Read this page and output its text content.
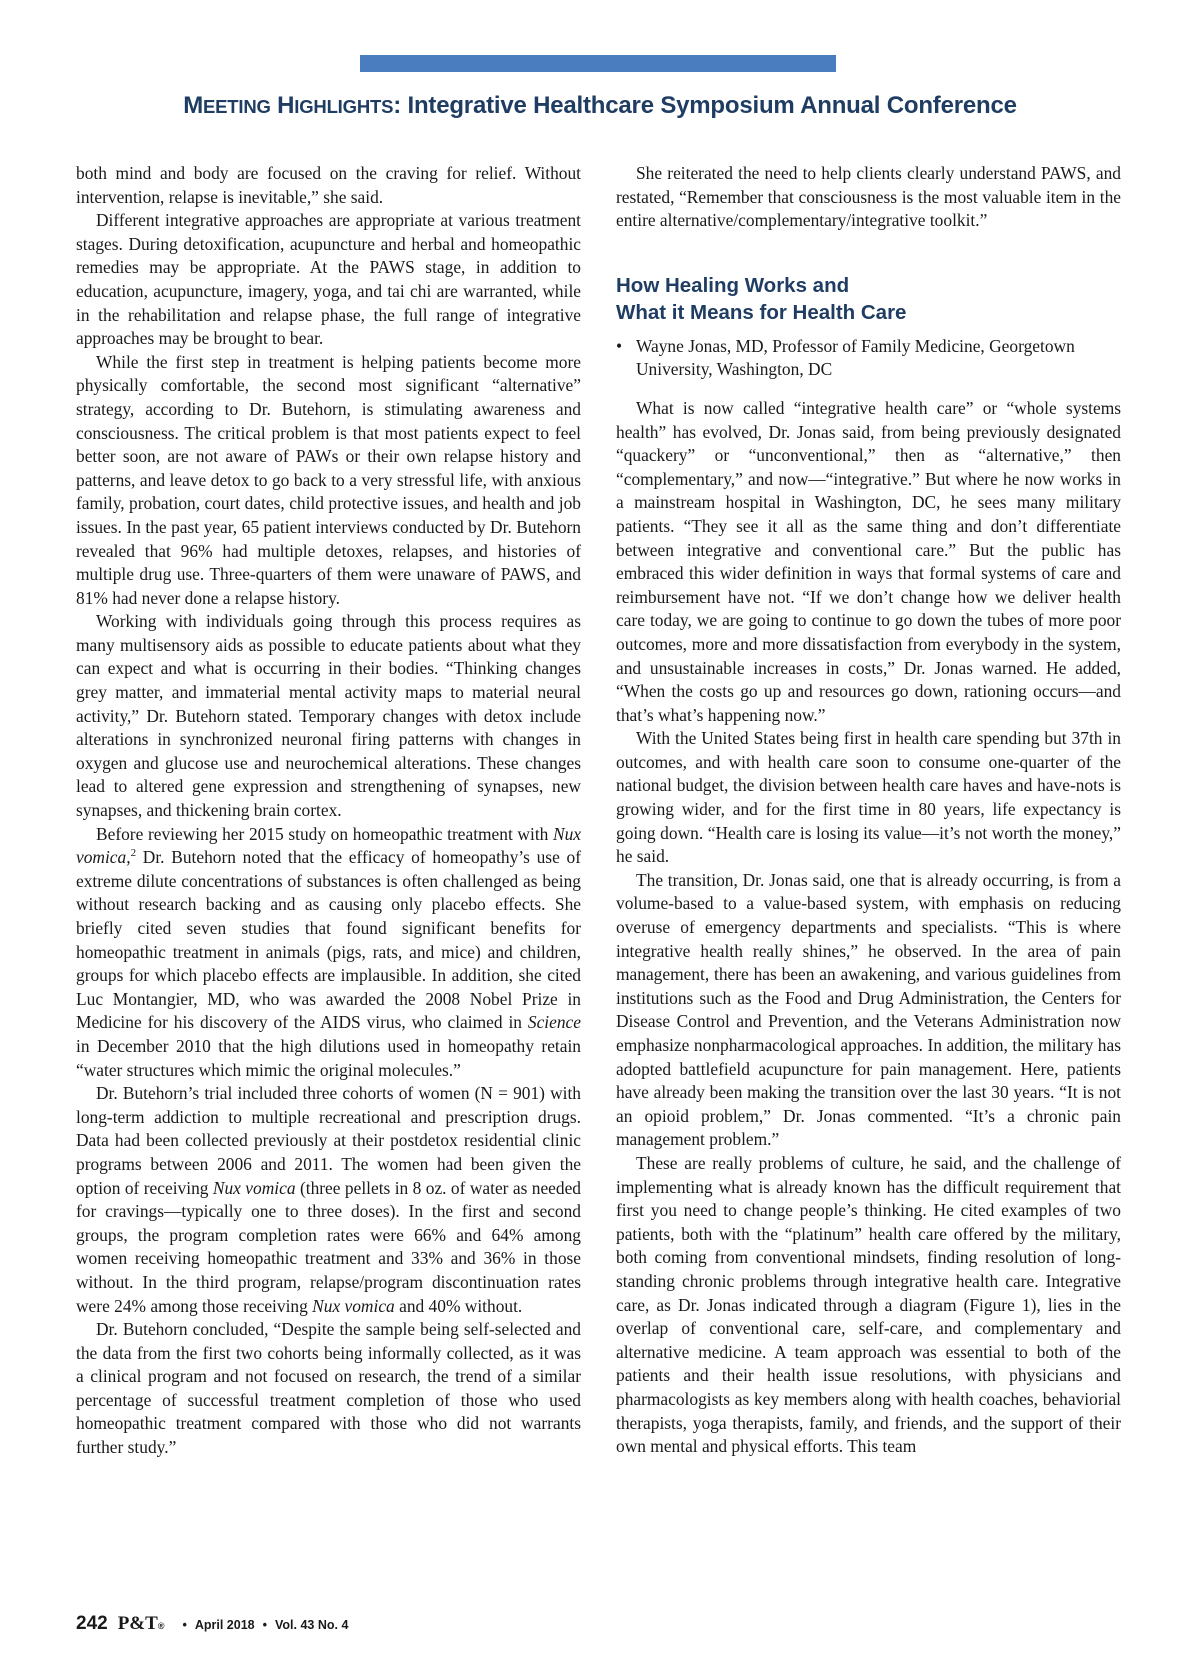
MEETING HIGHLIGHTS: Integrative Healthcare Symposium Annual Conference

both mind and body are focused on the craving for relief. Without intervention, relapse is inevitable,” she said.

Different integrative approaches are appropriate at various treatment stages. During detoxification, acupuncture and herbal and homeopathic remedies may be appropriate. At the PAWS stage, in addition to education, acupuncture, imagery, yoga, and tai chi are warranted, while in the rehabilitation and relapse phase, the full range of integrative approaches may be brought to bear.

While the first step in treatment is helping patients become more physically comfortable, the second most significant “alternative” strategy, according to Dr. Butehorn, is stimulating awareness and consciousness. The critical problem is that most patients expect to feel better soon, are not aware of PAWs or their own relapse history and patterns, and leave detox to go back to a very stressful life, with anxious family, probation, court dates, child protective issues, and health and job issues. In the past year, 65 patient interviews conducted by Dr. Butehorn revealed that 96% had multiple detoxes, relapses, and histories of multiple drug use. Three-quarters of them were unaware of PAWS, and 81% had never done a relapse history.

Working with individuals going through this process requires as many multisensory aids as possible to educate patients about what they can expect and what is occurring in their bodies. “Thinking changes grey matter, and immaterial mental activity maps to material neural activity,” Dr. Butehorn stated. Temporary changes with detox include alterations in synchronized neuronal firing patterns with changes in oxygen and glucose use and neurochemical alterations. These changes lead to altered gene expression and strengthening of synapses, new synapses, and thickening brain cortex.

Before reviewing her 2015 study on homeopathic treatment with Nux vomica,$^2$ Dr. Butehorn noted that the efficacy of homeopathy’s use of extreme dilute concentrations of substances is often challenged as being without research backing and as causing only placebo effects. She briefly cited seven studies that found significant benefits for homeopathic treatment in animals (pigs, rats, and mice) and children, groups for which placebo effects are implausible. In addition, she cited Luc Montangier, MD, who was awarded the 2008 Nobel Prize in Medicine for his discovery of the AIDS virus, who claimed in Science in December 2010 that the high dilutions used in homeopathy retain “water structures which mimic the original molecules.”

Dr. Butehorn’s trial included three cohorts of women (N = 901) with long-term addiction to multiple recreational and prescription drugs. Data had been collected previously at their postdetox residential clinic programs between 2006 and 2011. The women had been given the option of receiving Nux vomica (three pellets in 8 oz. of water as needed for cravings—typically one to three doses). In the first and second groups, the program completion rates were 66% and 64% among women receiving homeopathic treatment and 33% and 36% in those without. In the third program, relapse/program discontinuation rates were 24% among those receiving Nux vomica and 40% without.

Dr. Butehorn concluded, “Despite the sample being self-selected and the data from the first two cohorts being informally collected, as it was a clinical program and not focused on research, the trend of a similar percentage of successful treatment completion of those who used homeopathic treatment compared with those who did not warrants further study.”

She reiterated the need to help clients clearly understand PAWS, and restated, “Remember that consciousness is the most valuable item in the entire alternative/complementary/integrative toolkit.”

How Healing Works and
What it Means for Health Care
• Wayne Jonas, MD, Professor of Family Medicine, Georgetown University, Washington, DC

What is now called “integrative health care” or “whole systems health” has evolved, Dr. Jonas said, from being previously designated “quackery” or “unconventional,” then as “alternative,” then “complementary,” and now—“integrative.” But where he now works in a mainstream hospital in Washington, DC, he sees many military patients. “They see it all as the same thing and don’t differentiate between integrative and conventional care.” But the public has embraced this wider definition in ways that formal systems of care and reimbursement have not. “If we don’t change how we deliver health care today, we are going to continue to go down the tubes of more poor outcomes, more and more dissatisfaction from everybody in the system, and unsustainable increases in costs,” Dr. Jonas warned. He added, “When the costs go up and resources go down, rationing occurs—and that’s what’s happening now.”

With the United States being first in health care spending but 37th in outcomes, and with health care soon to consume one-quarter of the national budget, the division between health care haves and have-nots is growing wider, and for the first time in 80 years, life expectancy is going down. “Health care is losing its value—it’s not worth the money,” he said.

The transition, Dr. Jonas said, one that is already occurring, is from a volume-based to a value-based system, with emphasis on reducing overuse of emergency departments and specialists. “This is where integrative health really shines,” he observed. In the area of pain management, there has been an awakening, and various guidelines from institutions such as the Food and Drug Administration, the Centers for Disease Control and Prevention, and the Veterans Administration now emphasize nonpharmacological approaches. In addition, the military has adopted battlefield acupuncture for pain management. Here, patients have already been making the transition over the last 30 years. “It is not an opioid problem,” Dr. Jonas commented. “It’s a chronic pain management problem.”

These are really problems of culture, he said, and the challenge of implementing what is already known has the difficult requirement that first you need to change people’s thinking. He cited examples of two patients, both with the “platinum” health care offered by the military, both coming from conventional mindsets, finding resolution of long-standing chronic problems through integrative health care. Integrative care, as Dr. Jonas indicated through a diagram (Figure 1), lies in the overlap of conventional care, self-care, and complementary and alternative medicine. A team approach was essential to both of the patients and their health issue resolutions, with physicians and pharmacologists as key members along with health coaches, behaviorial therapists, yoga therapists, family, and friends, and the support of their own mental and physical efforts. This team

242 P&T ® • April 2018 • Vol. 43 No. 4
